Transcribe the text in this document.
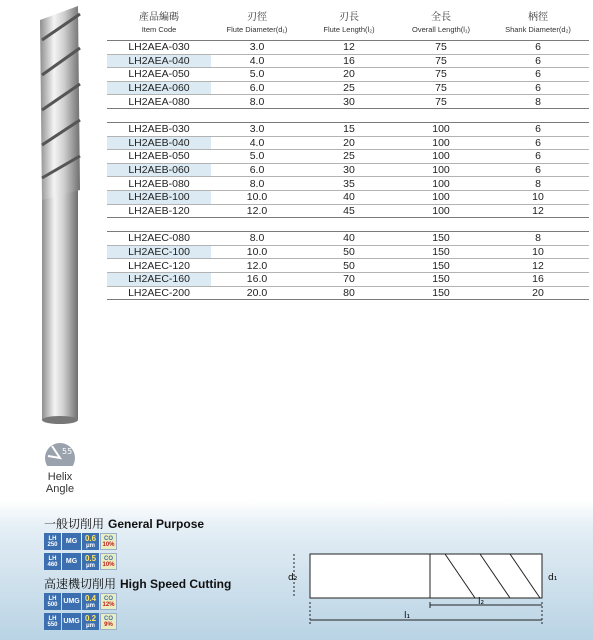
55°
Helix
Angle
產品編碼	刃徑	刃長	全長	柄徑
Item Code	Flute Diameter(d₁)	Flute Length(l₂)	Overall Length(l₁)	Shank Diameter(d₂)
LH2AEA-030	3.0	12	75	6
LH2AEA-040	4.0	16	75	6
LH2AEA-050	5.0	20	75	6
LH2AEA-060	6.0	25	75	6
LH2AEA-080	8.0	30	75	8

LH2AEB-030	3.0	15	100	6
LH2AEB-040	4.0	20	100	6
LH2AEB-050	5.0	25	100	6
LH2AEB-060	6.0	30	100	6
LH2AEB-080	8.0	35	100	8
LH2AEB-100	10.0	40	100	10
LH2AEB-120	12.0	45	100	12

LH2AEC-080	8.0	40	150	8
LH2AEC-100	10.0	50	150	10
LH2AEC-120	12.0	50	150	12
LH2AEC-160	16.0	70	150	16
LH2AEC-200	20.0	80	150	20
一般切削用 General Purpose
LH
250 MG 0.6
μm
CO
10%
LH
460 MG 0.5
μm
CO
10%
高速機切削用 High Speed Cutting
LH
500 UMG 0.4
μm
CO
12%
LH
550 UMG 0.2
μm
CO
9%
d₂	d₁
l₂
l₁
